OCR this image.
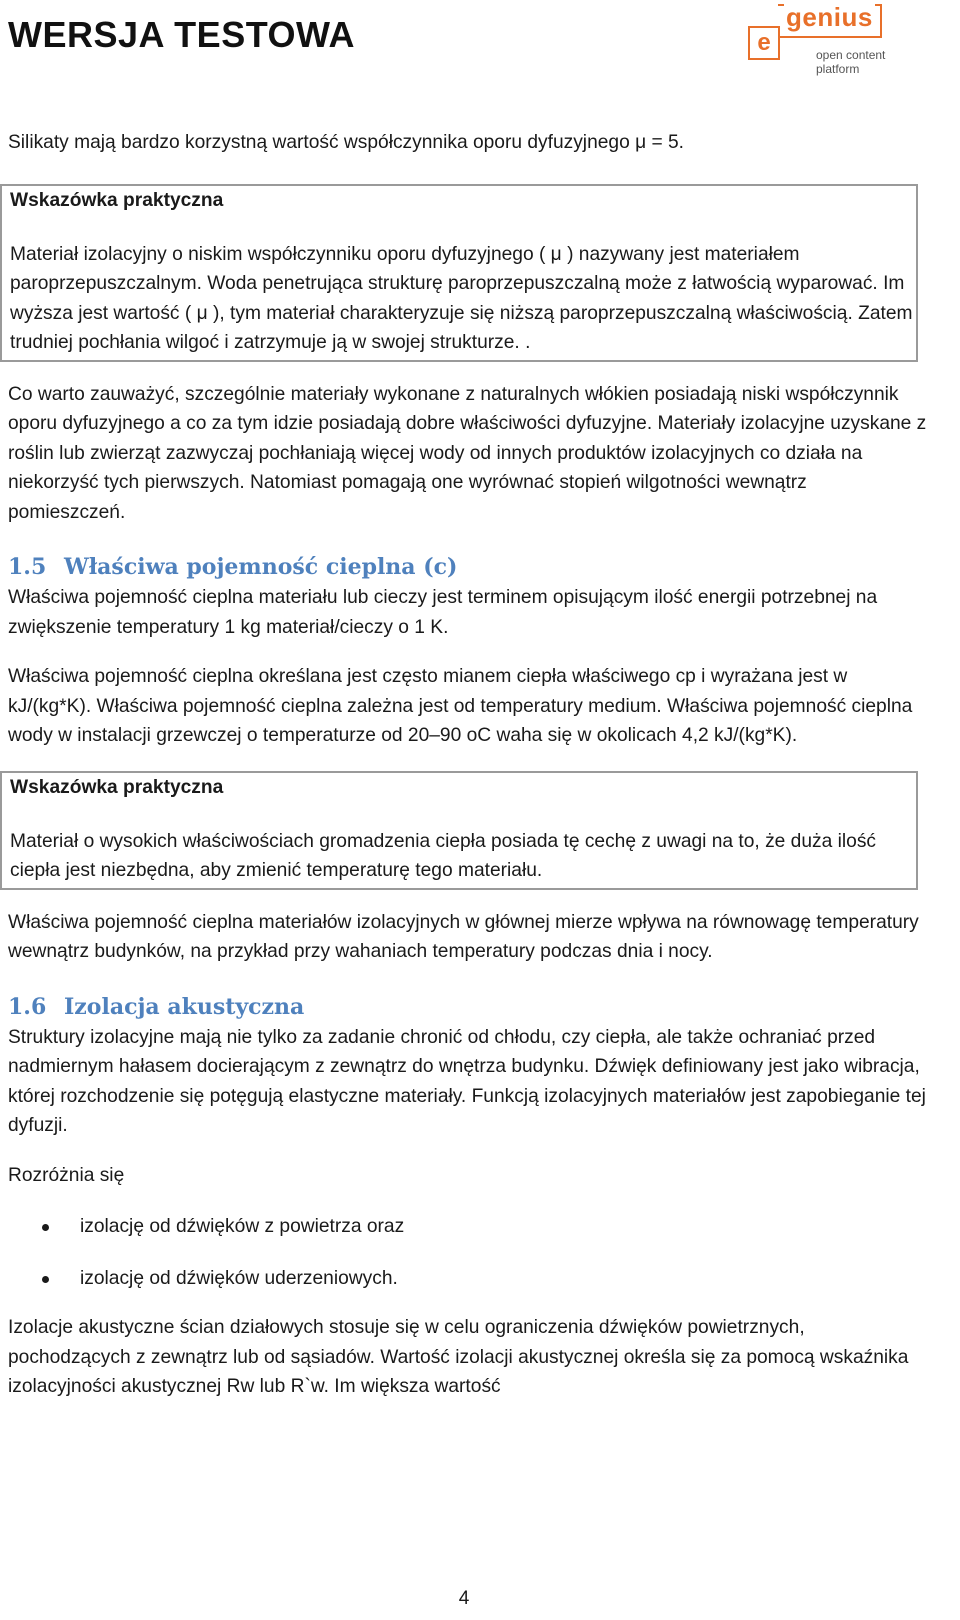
WERSJA TESTOWA	e
genius
open content
platform

Silikaty mają bardzo korzystną wartość współczynnika oporu dyfuzyjnego μ = 5.

Wskazówka praktyczna

Materiał izolacyjny o niskim współczynniku oporu dyfuzyjnego ( μ ) nazywany jest materiałem paroprzepuszczalnym. Woda penetrująca strukturę paroprzepuszczalną może z łatwością wyparować. Im wyższa jest wartość ( μ ), tym materiał charakteryzuje się niższą paroprzepuszczalną właściwością. Zatem trudniej pochłania wilgoć i zatrzymuje ją w swojej strukturze. .

Co warto zauważyć, szczególnie materiały wykonane z naturalnych włókien posiadają niski współczynnik oporu dyfuzyjnego a co za tym idzie posiadają dobre właściwości dyfuzyjne. Materiały izolacyjne uzyskane z roślin lub zwierząt zazwyczaj pochłaniają więcej wody od innych produktów izolacyjnych co działa na niekorzyść tych pierwszych. Natomiast pomagają one wyrównać stopień wilgotności wewnątrz pomieszczeń.

1.5 Właściwa pojemność cieplna (c)

Właściwa pojemność cieplna materiału lub cieczy jest terminem opisującym ilość energii potrzebnej na zwiększenie temperatury 1 kg materiał/cieczy o 1 K.

Właściwa pojemność cieplna określana jest często mianem ciepła właściwego cp i wyrażana jest w kJ/(kg*K). Właściwa pojemność cieplna zależna jest od temperatury medium. Właściwa pojemność cieplna wody w instalacji grzewczej o temperaturze od 20–90 oC waha się w okolicach 4,2 kJ/(kg*K).

Wskazówka praktyczna

Materiał o wysokich właściwościach gromadzenia ciepła posiada tę cechę z uwagi na to, że duża ilość ciepła jest niezbędna, aby zmienić temperaturę tego materiału.

Właściwa pojemność cieplna materiałów izolacyjnych w głównej mierze wpływa na równowagę temperatury wewnątrz budynków, na przykład przy wahaniach temperatury podczas dnia i nocy.

1.6 Izolacja akustyczna

Struktury izolacyjne mają nie tylko za zadanie chronić od chłodu, czy ciepła, ale także ochraniać przed nadmiernym hałasem docierającym z zewnątrz do wnętrza budynku. Dźwięk definiowany jest jako wibracja, której rozchodzenie się potęgują elastyczne materiały. Funkcją izolacyjnych materiałów jest zapobieganie tej dyfuzji.

Rozróżnia się

izolację od dźwięków z powietrza oraz
izolację od dźwięków uderzeniowych.

Izolacje akustyczne ścian działowych stosuje się w celu ograniczenia dźwięków powietrznych, pochodzących z zewnątrz lub od sąsiadów. Wartość izolacji akustycznej określa się za pomocą wskaźnika izolacyjności akustycznej Rw lub R`w. Im większa wartość

4
